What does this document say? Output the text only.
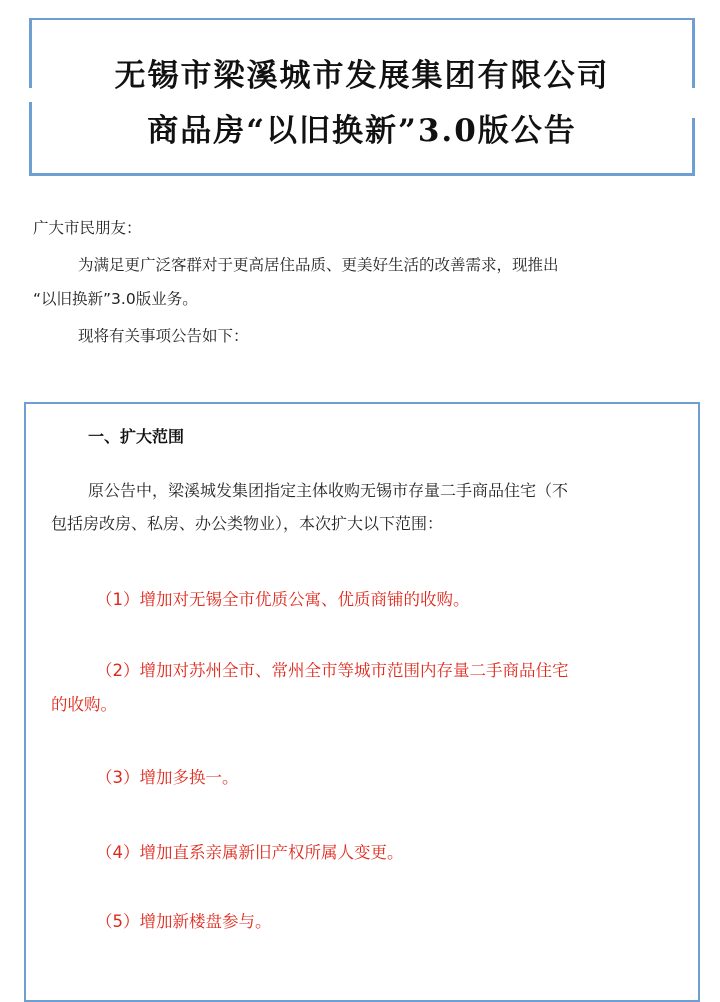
无锡市梁溪城市发展集团有限公司
商品房“以旧换新”3.0版公告

广大市民朋友：

为满足更广泛客群对于更高居住品质、更美好生活的改善需求，现推出

“以旧换新”3.0版业务。

现将有关事项公告如下：

一、扩大范围

原公告中，梁溪城发集团指定主体收购无锡市存量二手商品住宅（不

包括房改房、私房、办公类物业），本次扩大以下范围：

（1）增加对无锡全市优质公寓、优质商铺的收购。

（2）增加对苏州全市、常州全市等城市范围内存量二手商品住宅

的收购。

（3）增加多换一。

（4）增加直系亲属新旧产权所属人变更。

（5）增加新楼盘参与。
